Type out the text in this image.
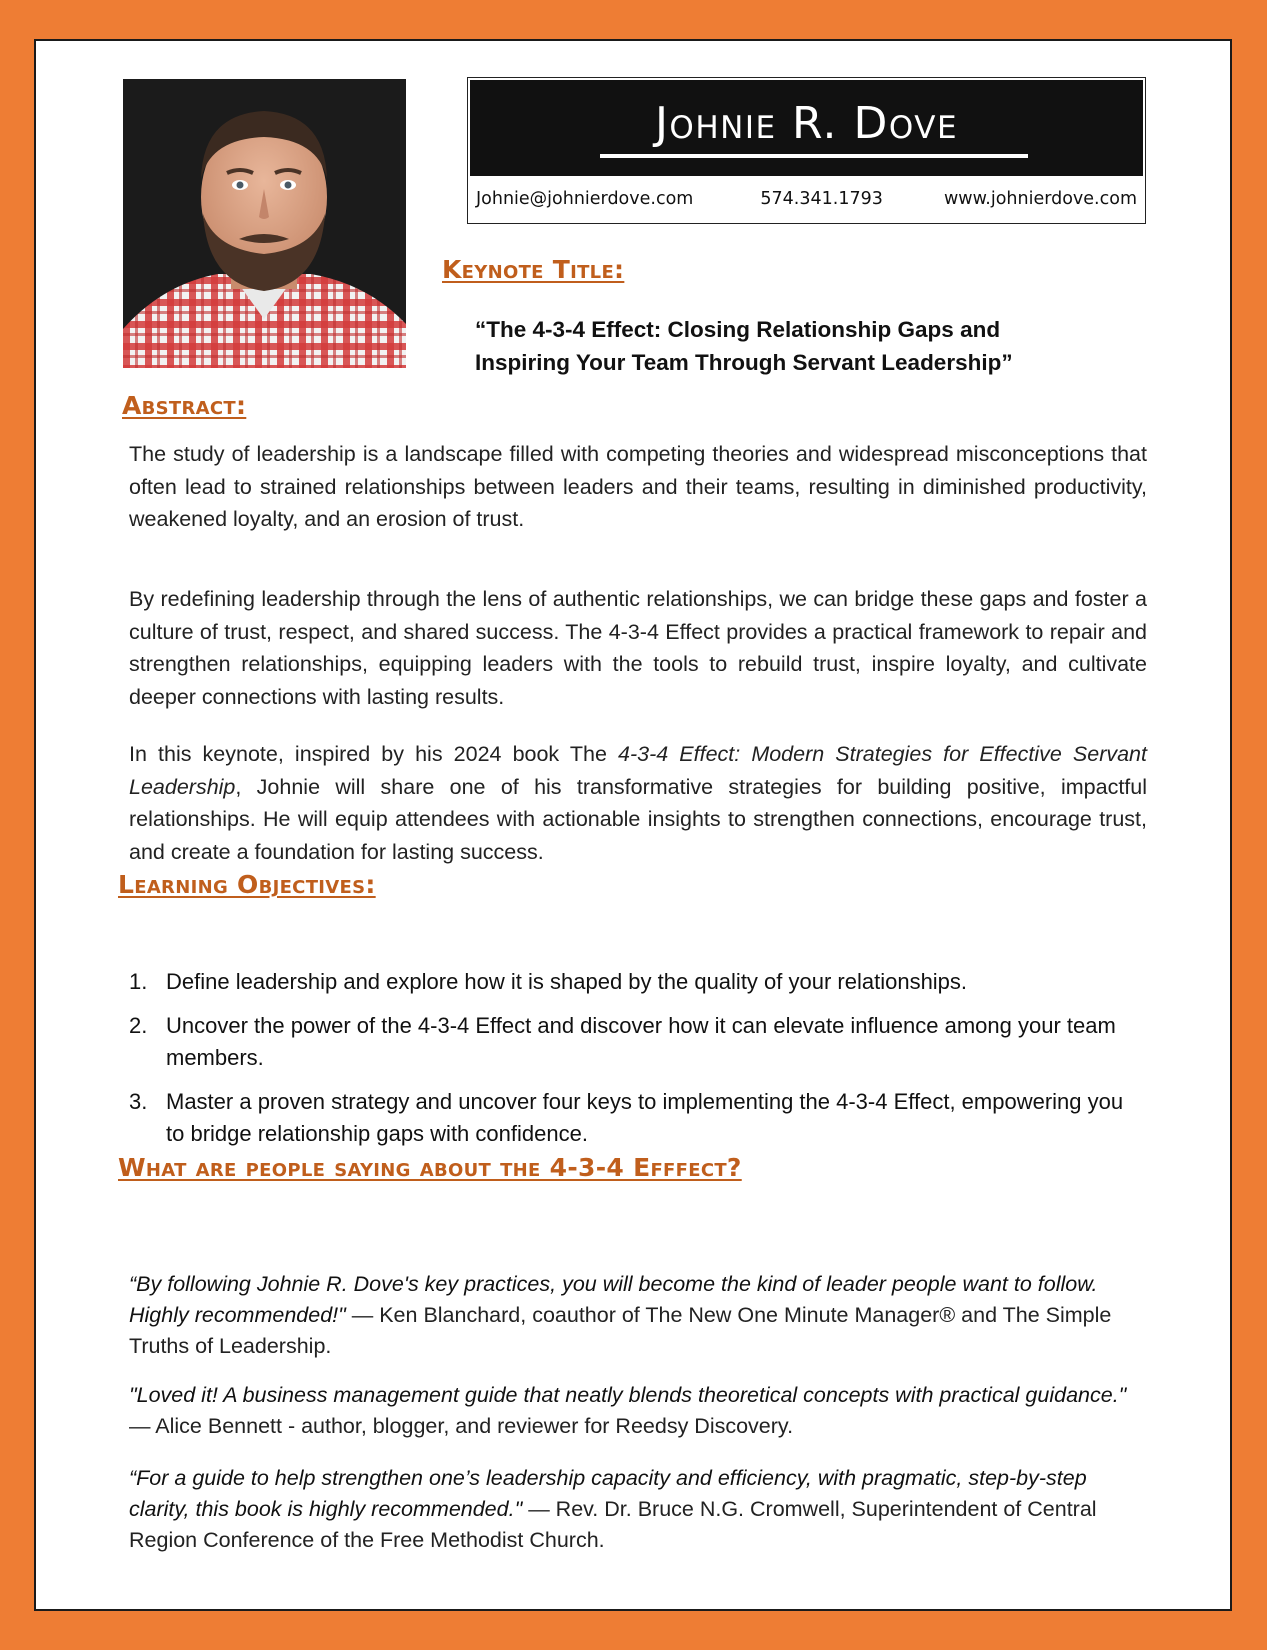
Johnie R. Dove
Johnie@johnierdove.com	574.341.1793	www.johnierdove.com
Keynote Title:
“The 4-3-4 Effect: Closing Relationship Gaps and
Inspiring Your Team Through Servant Leadership”
Abstract:

The study of leadership is a landscape filled with competing theories and widespread misconceptions that often lead to strained relationships between leaders and their teams, resulting in diminished productivity, weakened loyalty, and an erosion of trust.

By redefining leadership through the lens of authentic relationships, we can bridge these gaps and foster a culture of trust, respect, and shared success. The 4-3-4 Effect provides a practical framework to repair and strengthen relationships, equipping leaders with the tools to rebuild trust, inspire loyalty, and cultivate deeper connections with lasting results.

In this keynote, inspired by his 2024 book The 4-3-4 Effect: Modern Strategies for Effective Servant Leadership, Johnie will share one of his transformative strategies for building positive, impactful relationships. He will equip attendees with actionable insights to strengthen connections, encourage trust, and create a foundation for lasting success.

Learning Objectives:
1. Define leadership and explore how it is shaped by the quality of your relationships.
2. Uncover the power of the 4-3-4 Effect and discover how it can elevate influence among your team members.
3. Master a proven strategy and uncover four keys to implementing the 4-3-4 Effect, empowering you to bridge relationship gaps with confidence.
What are people saying about the 4-3-4 Efffect?
“By following Johnie R. Dove's key practices, you will become the kind of leader people want to follow. Highly recommended!" — Ken Blanchard, coauthor of The New One Minute Manager® and The Simple Truths of Leadership.
"Loved it! A business management guide that neatly blends theoretical concepts with practical guidance." — Alice Bennett - author, blogger, and reviewer for Reedsy Discovery.
“For a guide to help strengthen one’s leadership capacity and efficiency, with pragmatic, step-by-step clarity, this book is highly recommended." — Rev. Dr. Bruce N.G. Cromwell, Superintendent of Central Region Conference of the Free Methodist Church.
